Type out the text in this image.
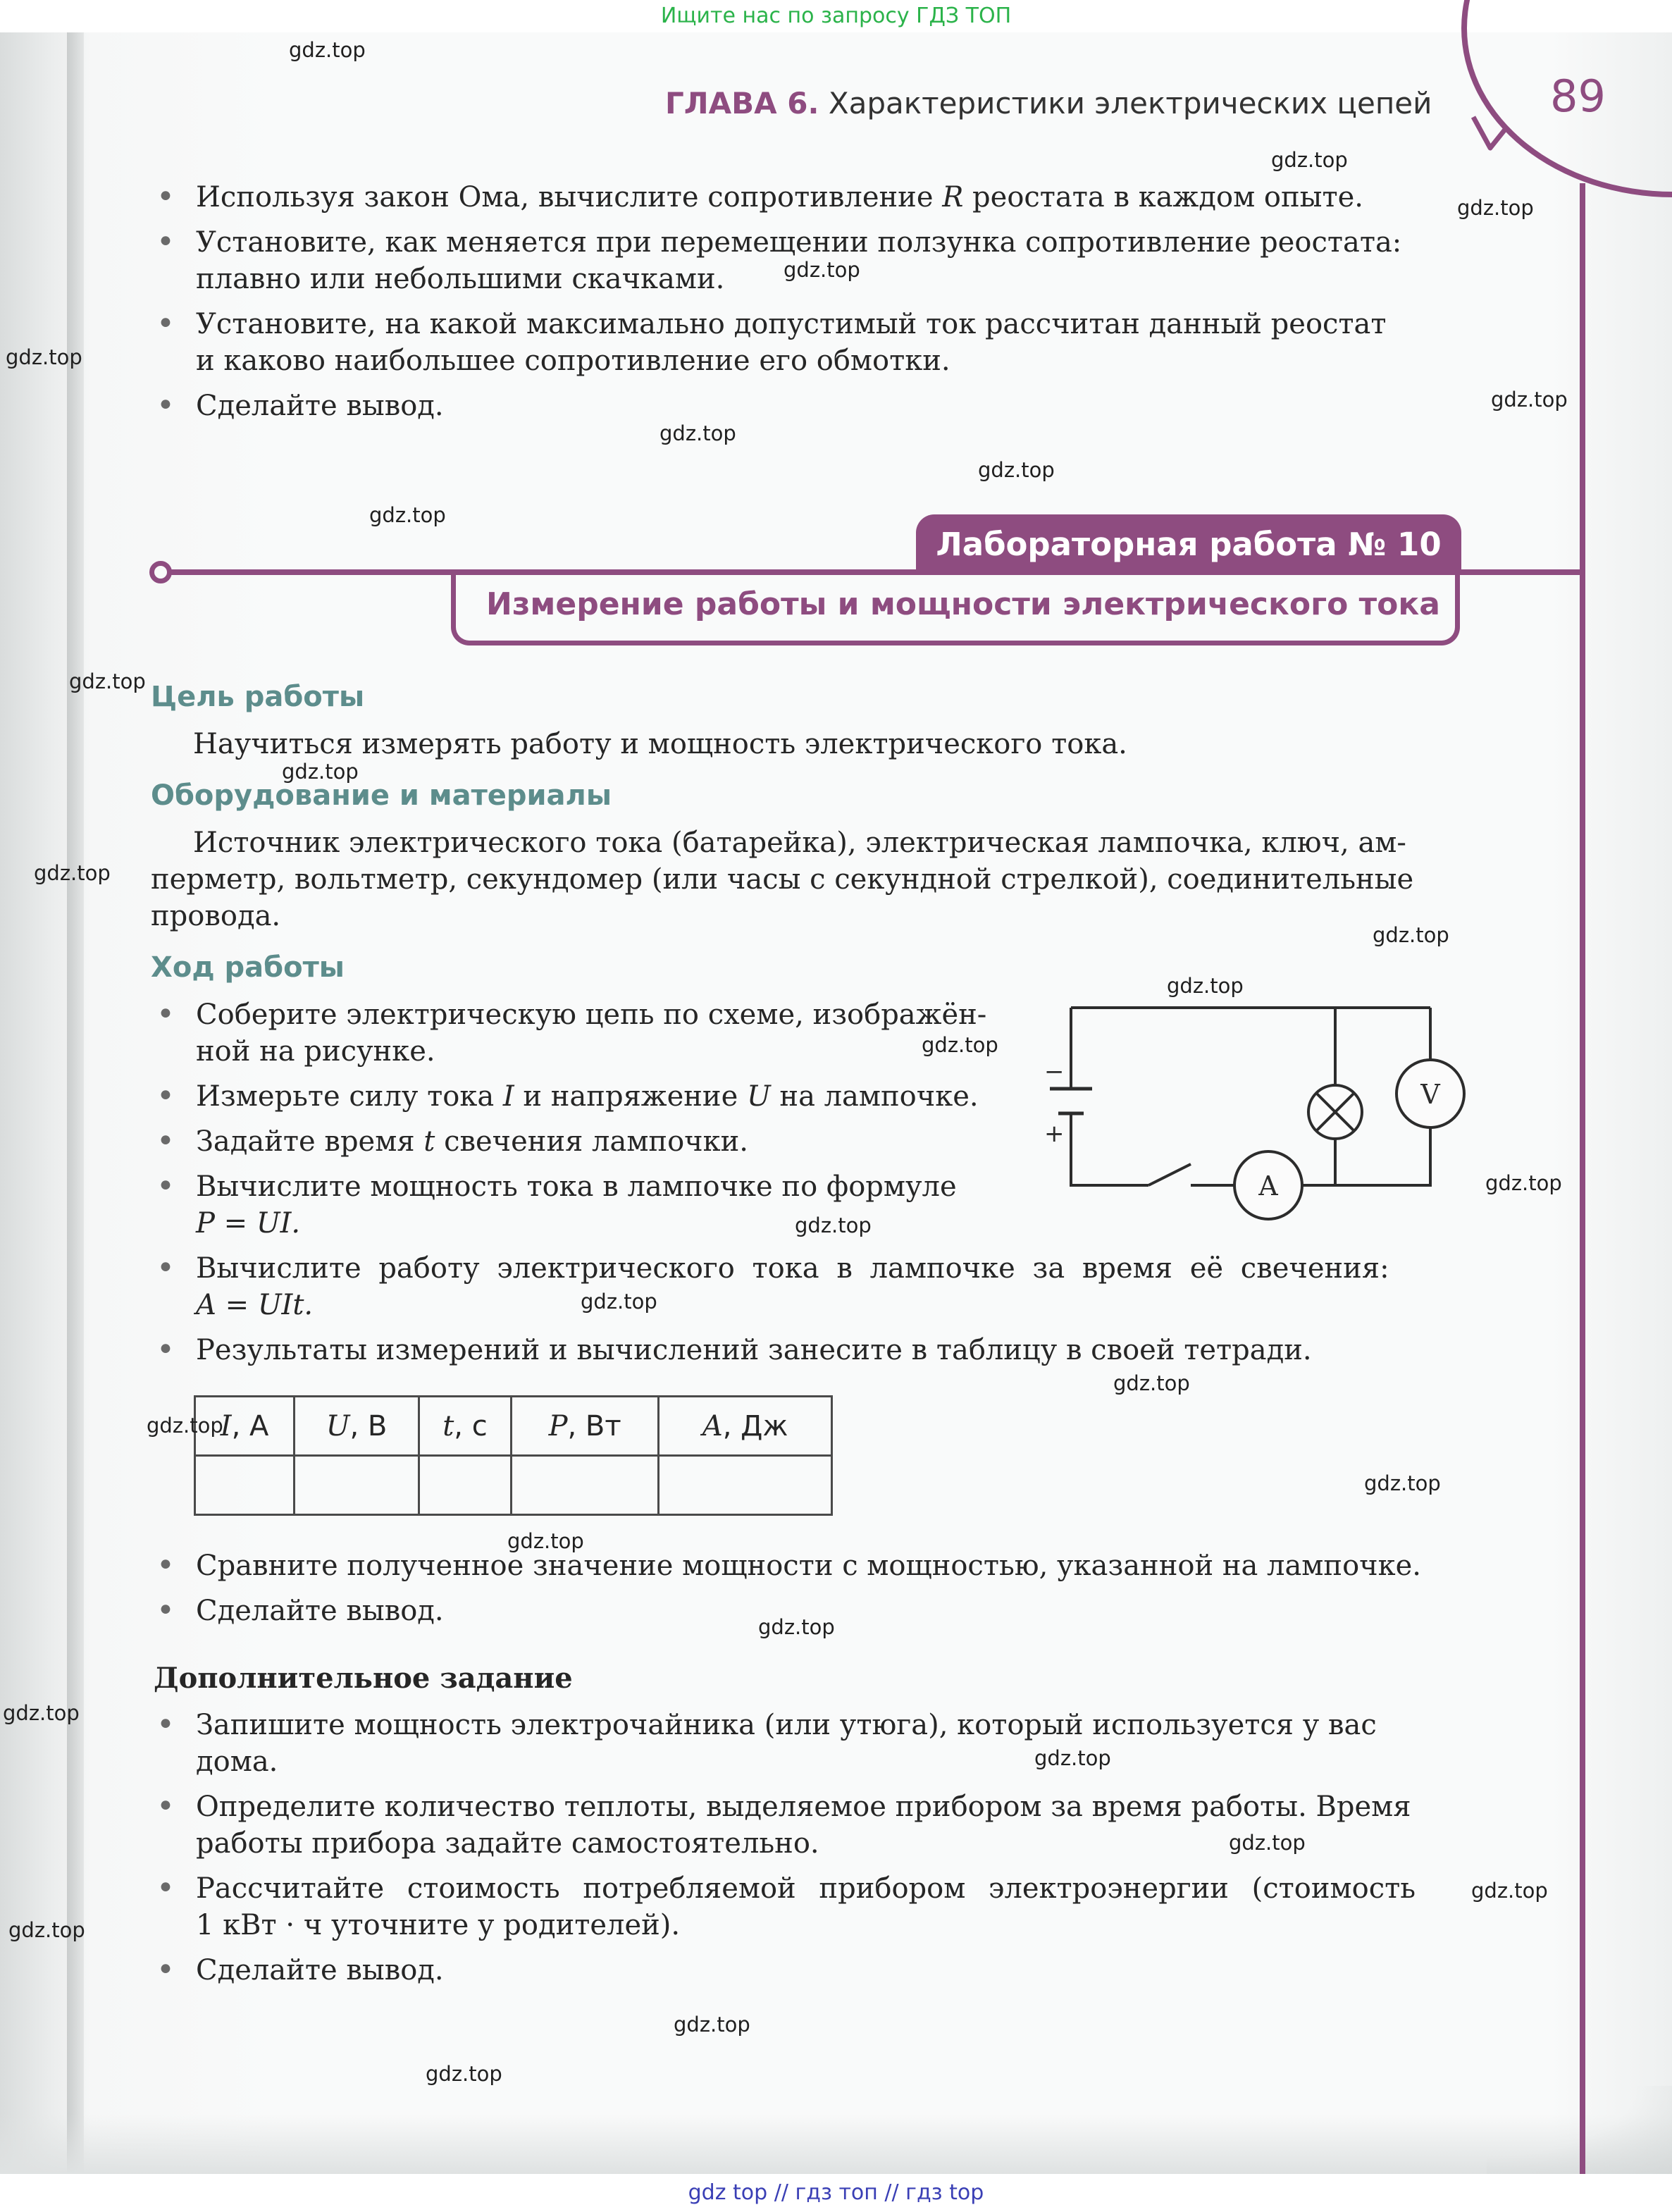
Ищите нас по запросу ГДЗ ТОП
89
ГЛАВА 6. Характеристики электрических цепей
• Используя закон Ома, вычислите сопротивление R реостата в каждом опыте.
• Установите, как меняется при перемещении ползунка сопротивление реостата:
плавно или небольшими скачками.
• Установите, на какой максимально допустимый ток рассчитан данный реостат
и каково наибольшее сопротивление его обмотки.
• Сделайте вывод.
Лабораторная работа № 10
Измерение работы и мощности электрического тока
Цель работы
Научиться измерять работу и мощность электрического тока.
Оборудование и материалы
Источник электрического тока (батарейка), электрическая лампочка, ключ, ам-
перметр, вольтметр, секундомер (или часы с секундной стрелкой), соединительные
провода.
Ход работы
• Соберите электрическую цепь по схеме, изображён-
ной на рисунке.
• Измерьте силу тока I и напряжение U на лампочке.
• Задайте время t свечения лампочки.
• Вычислите мощность тока в лампочке по формуле
P = UI.
• Вычислите работу электрического тока в лампочке за время её свечения:
A = UIt.
• Результаты измерений и вычислений занесите в таблицу в своей тетради.
−
+
V
A
I, А	U, В	t, с	P, Вт	A, Дж

• Сравните полученное значение мощности с мощностью, указанной на лампочке.
• Сделайте вывод.
Дополнительное задание
• Запишите мощность электрочайника (или утюга), который используется у вас
дома.
• Определите количество теплоты, выделяемое прибором за время работы. Время
работы прибора задайте самостоятельно.
• Рассчитайте стоимость потребляемой прибором электроэнергии (стоимость
1 кВт · ч уточните у родителей).
• Сделайте вывод.
gdz.top
gdz.top
gdz.top
gdz.top
gdz.top
gdz.top
gdz.top
gdz.top
gdz.top
gdz.top
gdz.top
gdz.top
gdz.top
gdz.top
gdz.top
gdz.top
gdz.top
gdz.top
gdz.top
gdz.top
gdz.top
gdz.top
gdz.top
gdz.top
gdz.top
gdz.top
gdz.top
gdz.top
gdz.top
gdz.top
gdz top // гдз топ // гдз top
